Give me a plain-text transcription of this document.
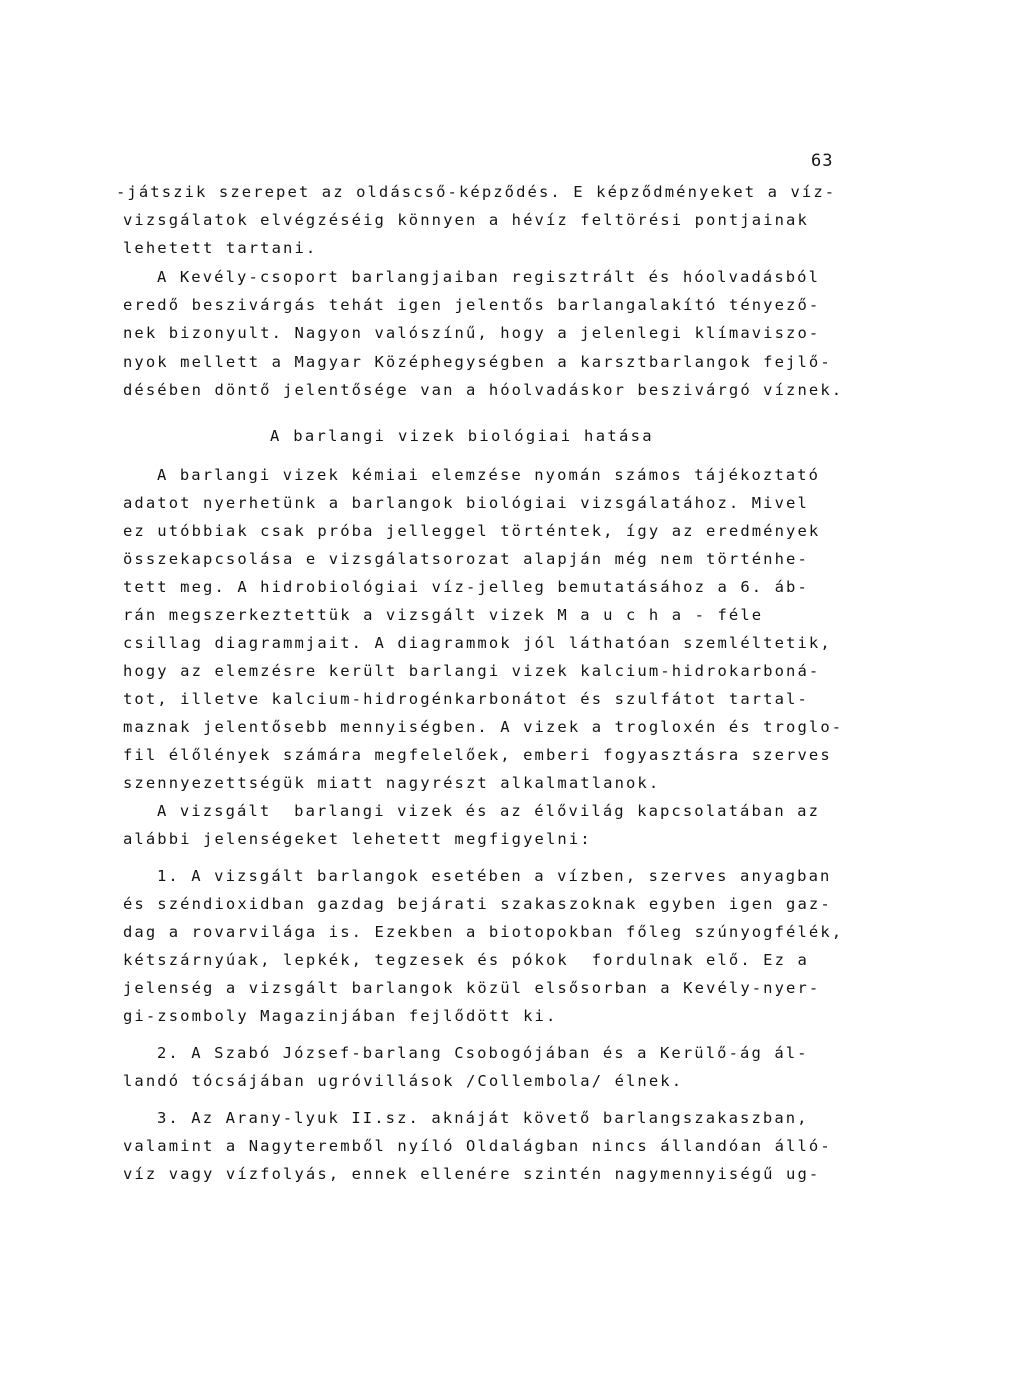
63
-játszik szerepet az oldáscső-képződés. E képződményeket a víz-
vizsgálatok elvégzéséig könnyen a hévíz feltörési pontjainak
lehetett tartani.
A Kevély-csoport barlangjaiban regisztrált és hóolvadásból
eredő beszivárgás tehát igen jelentős barlangalakító tényező-
nek bizonyult. Nagyon valószínű, hogy a jelenlegi klímaviszo-
nyok mellett a Magyar Középhegységben a karsztbarlangok fejlő-
désében döntő jelentősége van a hóolvadáskor beszivárgó víznek.
A barlangi vizek biológiai hatása
A barlangi vizek kémiai elemzése nyomán számos tájékoztató
adatot nyerhetünk a barlangok biológiai vizsgálatához. Mivel
ez utóbbiak csak próba jelleggel történtek, így az eredmények
összekapcsolása e vizsgálatsorozat alapján még nem történhe-
tett meg. A hidrobiológiai víz-jelleg bemutatásához a 6. áb-
rán megszerkeztettük a vizsgált vizek M a u c h a - féle
csillag diagrammjait. A diagrammok jól láthatóan szemléltetik,
hogy az elemzésre került barlangi vizek kalcium-hidrokarboná-
tot, illetve kalcium-hidrogénkarbonátot és szulfátot tartal-
maznak jelentősebb mennyiségben. A vizek a trogloxén és troglo-
fil élőlények számára megfelelőek, emberi fogyasztásra szerves
szennyezettségük miatt nagyrészt alkalmatlanok.
A vizsgált  barlangi vizek és az élővilág kapcsolatában az
alábbi jelenségeket lehetett megfigyelni:
1. A vizsgált barlangok esetében a vízben, szerves anyagban
és széndioxidban gazdag bejárati szakaszoknak egyben igen gaz-
dag a rovarvilága is. Ezekben a biotopokban főleg szúnyogfélék,
kétszárnyúak, lepkék, tegzesek és pókok  fordulnak elő. Ez a
jelenség a vizsgált barlangok közül elsősorban a Kevély-nyer-
gi-zsomboly Magazinjában fejlődött ki.
2. A Szabó József-barlang Csobogójában és a Kerülő-ág ál-
landó tócsájában ugróvillások /Collembola/ élnek.
3. Az Arany-lyuk II.sz. aknáját követő barlangszakaszban,
valamint a Nagyteremből nyíló Oldalágban nincs állandóan álló-
víz vagy vízfolyás, ennek ellenére szintén nagymennyiségű ug-
